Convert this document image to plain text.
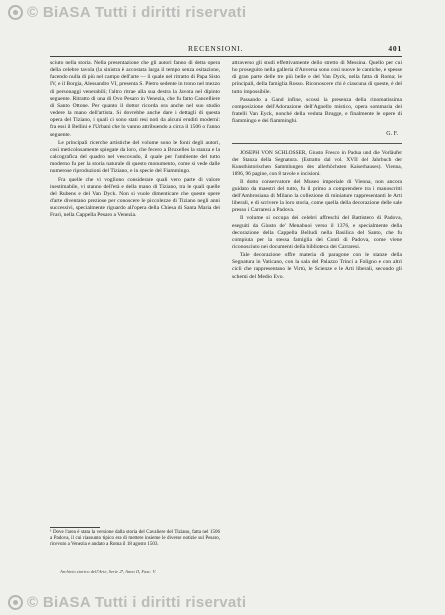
© BiASA Tutti i diritti riservati
RECENSIONI.	401

sciuto nella storia. Nella presentazione che gli autori fanno di detta opera della celebre tavola (la sinistra è accostata larga il tempo senza esitazione, facendo nulla di più nel campo dell'arte — il quale nel ritratto di Papa Sisto IV, e il Borgia, Alessandro VI, presenta S. Pietro sedente in trono nel mezzo di personaggi venerabili; l'altro ritrae alla sua destra la Javota nel dipinto seguente. Ritratto di una di Ovo Pesaro in Venezia, che fu fatto Cancelliere di Santo Ottone. Per quanto il dottor ricorda ora anche nel suo studio vedere la mano dell'artista. Si dovrebbe anche dare i dettagli di questa opera del Tiziano, i quali ci sono stati resi noti da alcuni eruditi moderni: fra essi il Bellini e l'Urbani che lo vanno attribuendo a circa il 1506 o l'anno seguente.

Le principali ricerche artistiche del volume sono le fonti degli autori, così meticolosamente spiegate da loro, che fecero a Bruxelles la stanza e la calcografica del quadro nel vescovado, il quale per l'ambiente del tutto moderno fu per la storia naturale di questo monumento, come si vede dalle numerose riproduzioni del Tiziano, e in specie del Fiammingo.

Fra quelle che vi vogliono considerare quali vero parte di valore inestimabile, vi stanno dell'età e della mano di Tiziano, tra le quali quelle del Rubens e del Van Dyck. Non si vuole dimenticare che queste opere d'arte diventano preziose per conoscere le piccolezze di Tiziano negli anni successivi, specialmente riguardo all'opera della Chiesa di Santa Maria dei Frari, nella Cappella Pesaro a Venezia.

¹ Dove l'area è stata la versione dalla storia del Cavaliere del Tiziano, fatta nel 1506 a Padova, il cui riassunto tipico era di mettere insieme le diverse notizie sul Pesaro, ricevuto a Venezia e andato a Roma il 18 agosto 1503.

Archivio storico dell'Arte, Serie 2ª, Anno II, Fasc. V.

attraverso gli studi effettivamente dello stretto di Messina. Quello per cui ho proseguito nella galleria d'Anversa sono così nuove le cantiche, e spesse di gran parte delle tre più belle e del Van Dyck, nella fatta di Roma; le principali, della famiglia Rosso. Riconoscere chi è ciascuna di queste, è del tutto impossibile.

Passando a Gand infine, scossi la presenza della rinomatissima composizione dell'Adorazione dell'Agnello mistico, opera sommaria dei fratelli Van Eyck, nonché della veduta Brugge, e finalmente le opere di fiammingo e dei fiamminghi.

G. F.

JOSEPH VON SCHLOSSER, Giusto Fresco in Padua und die Vorläufer der Stanza della Segnatura. (Estratto dal vol. XVII del Jahrbuch der Kunsthistorischen Sammlungen des allerhöchsten Kaiserhauses). Vienna, 1896, 96 pagine, con 8 tavole e incisioni.

Il dotto conservatore del Museo imperiale di Vienna, non ancora guidato da maestri del tutto, fu il primo a comprendere tra i manoscritti dell'Ambrosiana di Milano la collezione di miniature rappresentanti le Arti liberali, e di scrivere la loro storia, come quella della decorazione delle sale presso i Carraresi a Padova.

Il volume si occupa dei celebri affreschi del Battistero di Padova, eseguiti da Giusto de' Menabuoi verso il 1376, e specialmente della decorazione della Cappella Belludi nella Basilica del Santo, che fu compiuta per la stessa famiglia dei Conti di Padova, come viene riconosciuto nei documenti della biblioteca dei Carraresi.

Tale decorazione offre materia di paragone con le stanze della Segnatura in Vaticano, con la sala del Palazzo Trinci a Foligno e con altri cicli che rappresentano le Virtù, le Scienze e le Arti liberali, secondo gli schemi del Medio Evo.

© BiASA Tutti i diritti riservati
